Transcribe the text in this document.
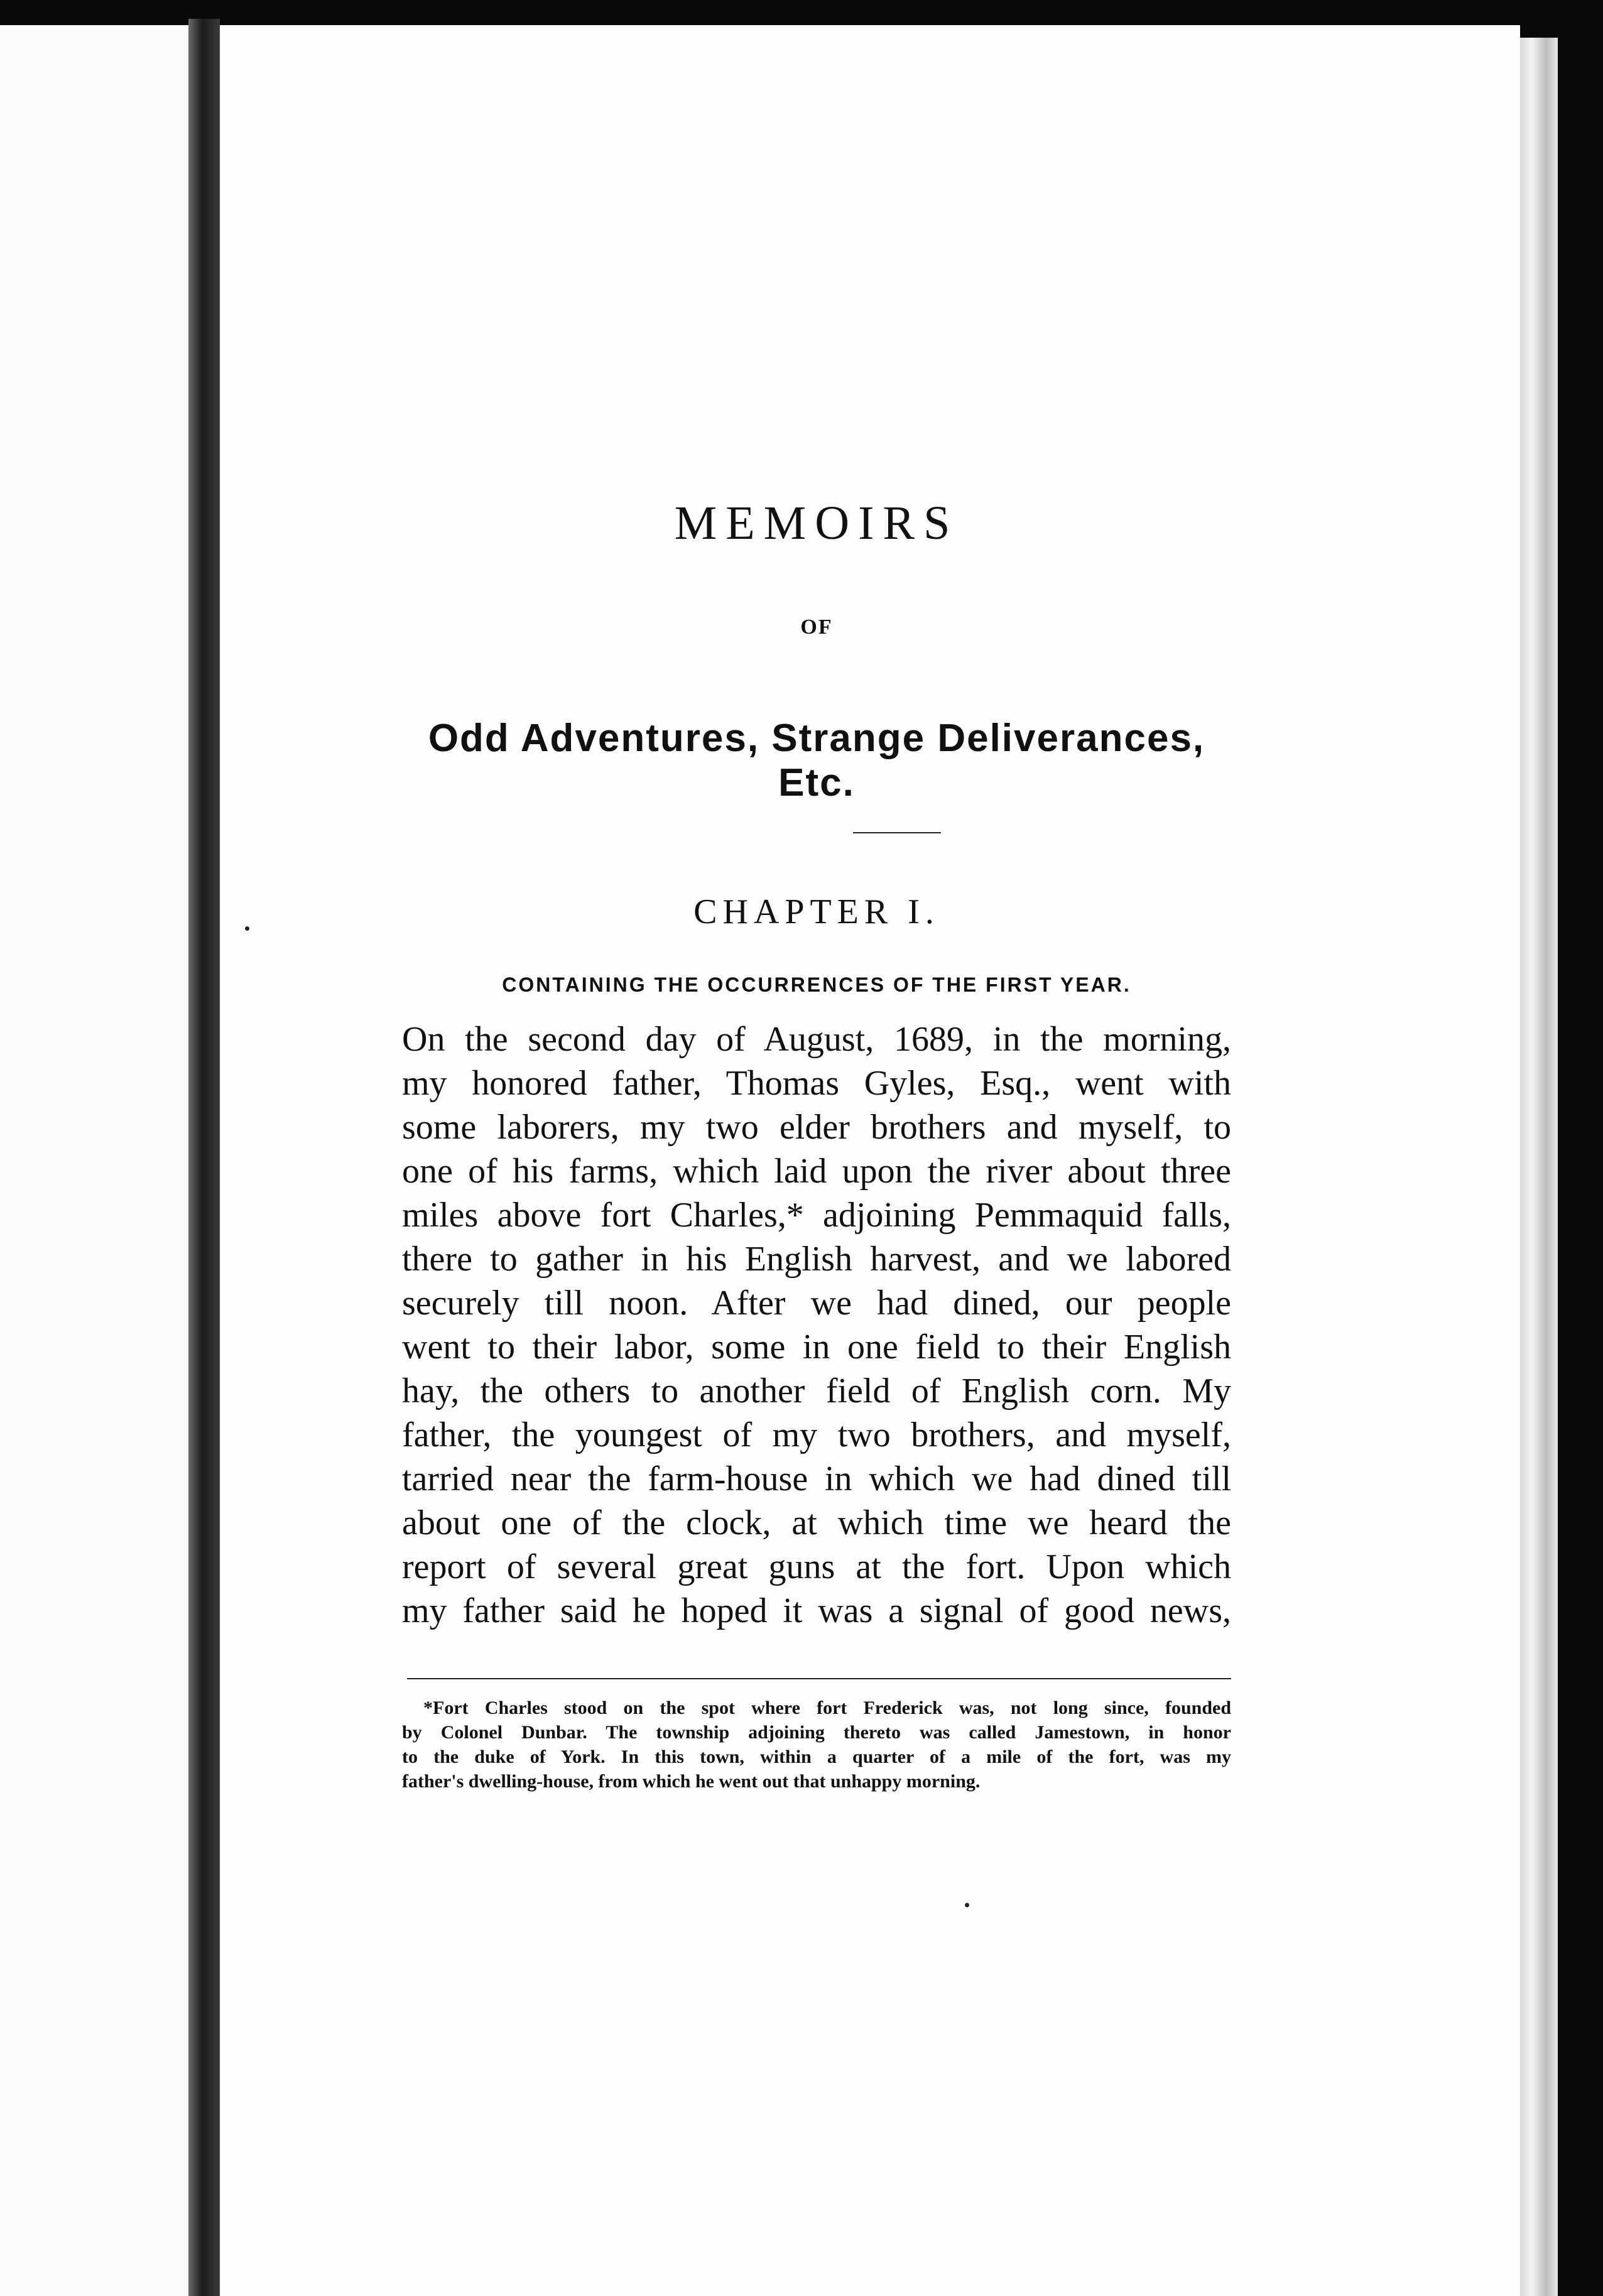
MEMOIRS
OF
Odd Adventures, Strange Deliverances, Etc.
CHAPTER I.
CONTAINING THE OCCURRENCES OF THE FIRST YEAR.
On the second day of August, 1689, in the morning,
my honored father, Thomas Gyles, Esq., went with
some laborers, my two elder brothers and myself, to
one of his farms, which laid upon the river about three
miles above fort Charles,* adjoining Pemmaquid falls,
there to gather in his English harvest, and we labored
securely till noon. After we had dined, our people
went to their labor, some in one field to their English
hay, the others to another field of English corn. My
father, the youngest of my two brothers, and myself,
tarried near the farm-house in which we had dined till
about one of the clock, at which time we heard the
report of several great guns at the fort. Upon which
my father said he hoped it was a signal of good news,
*Fort Charles stood on the spot where fort Frederick was, not long since, founded
by Colonel Dunbar. The township adjoining thereto was called Jamestown, in honor
to the duke of York. In this town, within a quarter of a mile of the fort, was my
father's dwelling-house, from which he went out that unhappy morning.
